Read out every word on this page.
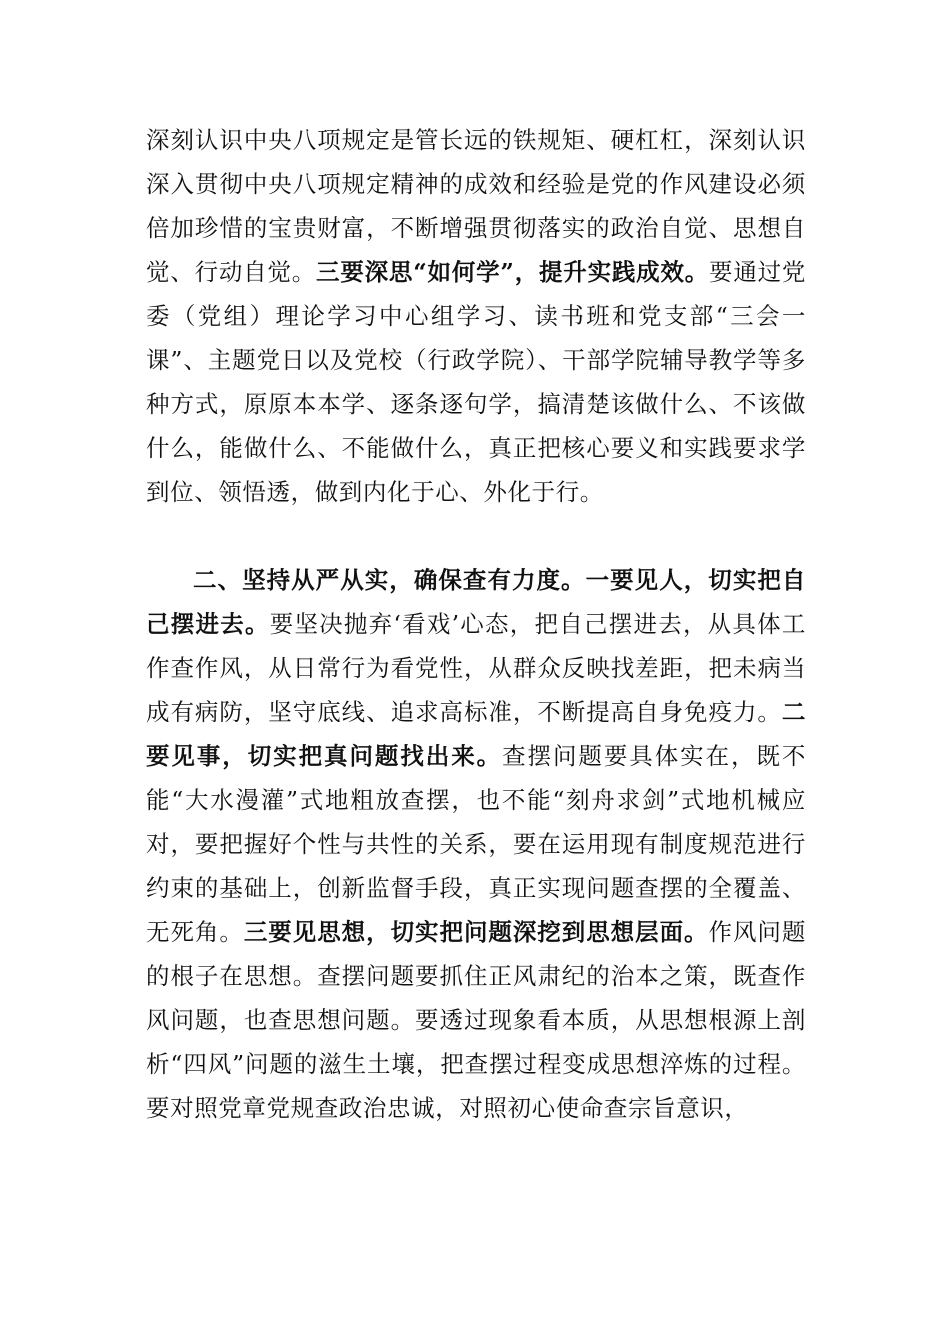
深刻认识中央八项规定是管长远的铁规矩、硬杠杠，深刻认识深入贯彻中央八项规定精神的成效和经验是党的作风建设必须倍加珍惜的宝贵财富，不断增强贯彻落实的政治自觉、思想自觉、行动自觉。三要深思“如何学”，提升实践成效。要通过党委（党组）理论学习中心组学习、读书班和党支部“三会一课”、主题党日以及党校（行政学院）、干部学院辅导教学等多种方式，原原本本学、逐条逐句学，搞清楚该做什么、不该做什么，能做什么、不能做什么，真正把核心要义和实践要求学到位、领悟透，做到内化于心、外化于行。

二、坚持从严从实，确保查有力度。一要见人，切实把自己摆进去。要坚决抛弃‘看戏’心态，把自己摆进去，从具体工作查作风，从日常行为看党性，从群众反映找差距，把未病当成有病防，坚守底线、追求高标准，不断提高自身免疫力。二要见事，切实把真问题找出来。查摆问题要具体实在，既不能“大水漫灌”式地粗放查摆，也不能“刻舟求剑”式地机械应对，要把握好个性与共性的关系，要在运用现有制度规范进行约束的基础上，创新监督手段，真正实现问题查摆的全覆盖、无死角。三要见思想，切实把问题深挖到思想层面。作风问题的根子在思想。查摆问题要抓住正风肃纪的治本之策，既查作风问题，也查思想问题。要透过现象看本质，从思想根源上剖析“四风”问题的滋生土壤，把查摆过程变成思想淬炼的过程。要对照党章党规查政治忠诚，对照初心使命查宗旨意识，
